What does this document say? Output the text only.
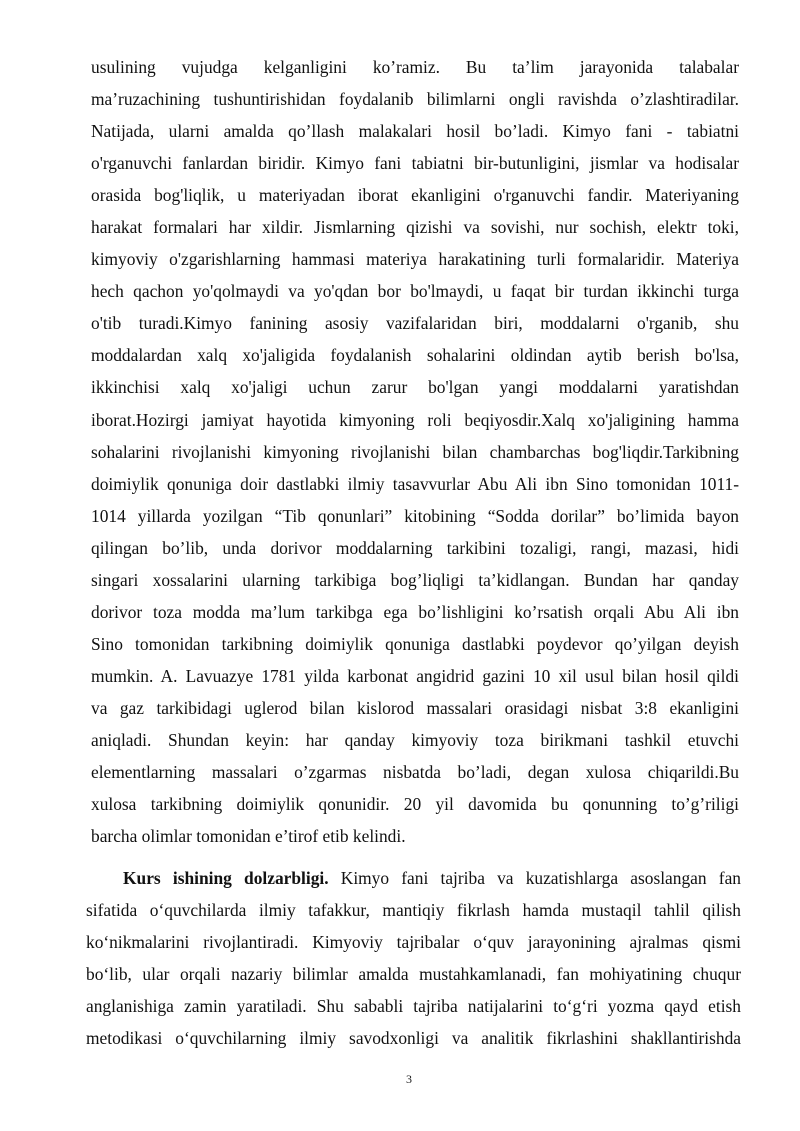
usulining vujudga kelganligini ko’ramiz. Bu ta’lim jarayonida talabalar
ma’ruzachining tushuntirishidan foydalanib bilimlarni ongli ravishda o’zlashtiradilar.
Natijada, ularni amalda qo’llash malakalari hosil bo’ladi. Kimyo fani - tabiatni
o'rganuvchi fanlardan biridir. Kimyo fani tabiatni bir-butunligini, jismlar va hodisalar
orasida bog'liqlik, u materiyadan iborat ekanligini o'rganuvchi fandir. Materiyaning
harakat formalari har xildir. Jismlarning qizishi va sovishi, nur sochish, elektr toki,
kimyoviy o'zgarishlarning hammasi materiya harakatining turli formalaridir. Materiya
hech qachon yo'qolmaydi va yo'qdan bor bo'lmaydi, u faqat bir turdan ikkinchi turga
o'tib turadi.Kimyo fanining asosiy vazifalaridan biri, moddalarni o'rganib, shu
moddalardan xalq xo'jaligida foydalanish sohalarini oldindan aytib berish bo'lsa,
ikkinchisi xalq xo'jaligi uchun zarur bo'lgan yangi moddalarni yaratishdan
iborat.Hozirgi jamiyat hayotida kimyoning roli beqiyosdir.Xalq xo'jaligining hamma
sohalarini rivojlanishi kimyoning rivojlanishi bilan chambarchas bog'liqdir.Tarkibning
doimiylik qonuniga doir dastlabki ilmiy tasavvurlar Abu Ali ibn Sino tomonidan 1011-
1014 yillarda yozilgan “Tib qonunlari” kitobining “Sodda dorilar” bo’limida bayon
qilingan bo’lib, unda dorivor moddalarning tarkibini tozaligi, rangi, mazasi, hidi
singari xossalarini ularning tarkibiga bog’liqligi ta’kidlangan. Bundan har qanday
dorivor toza modda ma’lum tarkibga ega bo’lishligini ko’rsatish orqali Abu Ali ibn
Sino tomonidan tarkibning doimiylik qonuniga dastlabki poydevor qo’yilgan deyish
mumkin. A. Lavuazye 1781 yilda karbonat angidrid gazini 10 xil usul bilan hosil qildi
va gaz tarkibidagi uglerod bilan kislorod massalari orasidagi nisbat 3:8 ekanligini
aniqladi. Shundan keyin: har qanday kimyoviy toza birikmani tashkil etuvchi
elementlarning massalari o’zgarmas nisbatda bo’ladi, degan xulosa chiqarildi.Bu
xulosa tarkibning doimiylik qonunidir. 20 yil davomida bu qonunning to’g’riligi
barcha olimlar tomonidan e’tirof etib kelindi.
Kurs ishining dolzarbligi. Kimyo fani tajriba va kuzatishlarga asoslangan fan
sifatida o‘quvchilarda ilmiy tafakkur, mantiqiy fikrlash hamda mustaqil tahlil qilish
ko‘nikmalarini rivojlantiradi. Kimyoviy tajribalar o‘quv jarayonining ajralmas qismi
bo‘lib, ular orqali nazariy bilimlar amalda mustahkamlanadi, fan mohiyatining chuqur
anglanishiga zamin yaratiladi. Shu sababli tajriba natijalarini to‘g‘ri yozma qayd etish
metodikasi o‘quvchilarning ilmiy savodxonligi va analitik fikrlashini shakllantirishda
3
